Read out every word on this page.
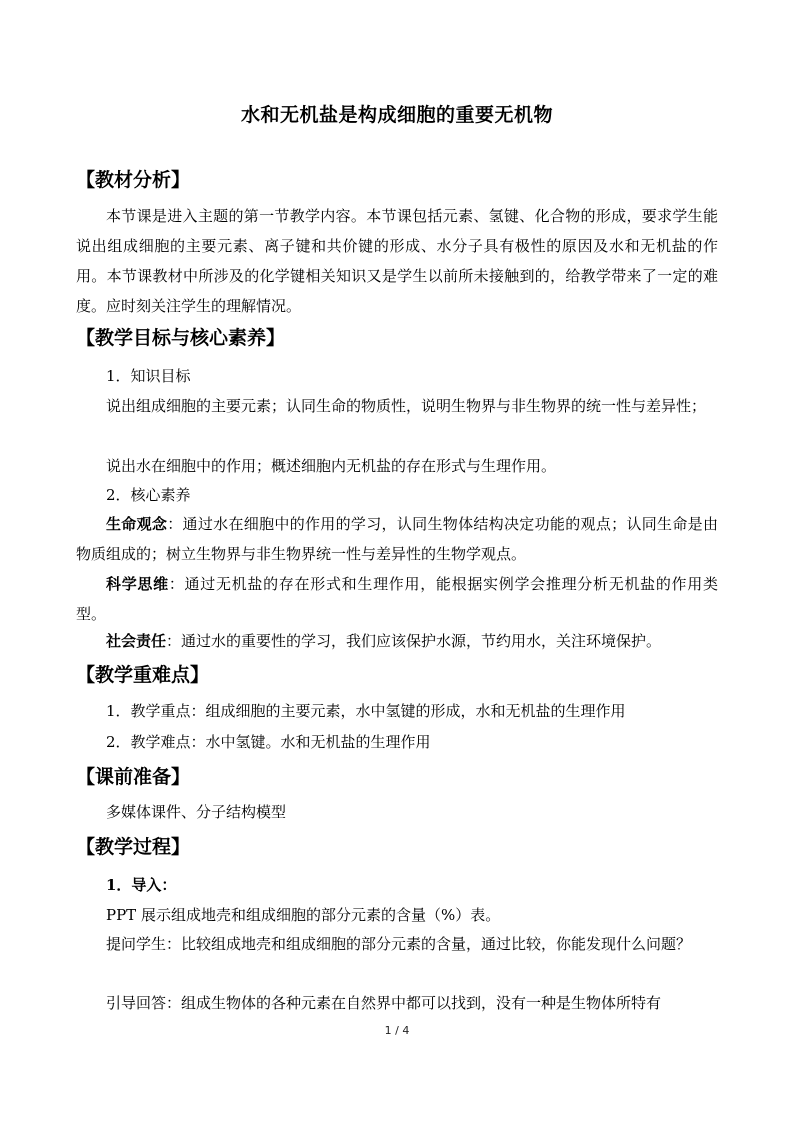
水和无机盐是构成细胞的重要无机物
【教材分析】

本节课是进入主题的第一节教学内容。本节课包括元素、氢键、化合物的形成，要求学生能说出组成细胞的主要元素、离子键和共价键的形成、水分子具有极性的原因及水和无机盐的作用。本节课教材中所涉及的化学键相关知识又是学生以前所未接触到的，给教学带来了一定的难度。应时刻关注学生的理解情况。

【教学目标与核心素养】
1．知识目标

说出组成细胞的主要元素；认同生命的物质性，说明生物界与非生物界的统一性与差异性；

说出水在细胞中的作用；概述细胞内无机盐的存在形式与生理作用。

2．核心素养

生命观念：通过水在细胞中的作用的学习，认同生物体结构决定功能的观点；认同生命是由物质组成的；树立生物界与非生物界统一性与差异性的生物学观点。

科学思维：通过无机盐的存在形式和生理作用，能根据实例学会推理分析无机盐的作用类型。

社会责任：通过水的重要性的学习，我们应该保护水源，节约用水，关注环境保护。

【教学重难点】
1．教学重点：组成细胞的主要元素，水中氢键的形成，水和无机盐的生理作用
2．教学难点：水中氢键。水和无机盐的生理作用
【课前准备】
多媒体课件、分子结构模型
【教学过程】
1．导入：

PPT 展示组成地壳和组成细胞的部分元素的含量（%）表。

提问学生：比较组成地壳和组成细胞的部分元素的含量，通过比较，你能发现什么问题？

引导回答：组成生物体的各种元素在自然界中都可以找到，没有一种是生物体所特有

1 / 4
